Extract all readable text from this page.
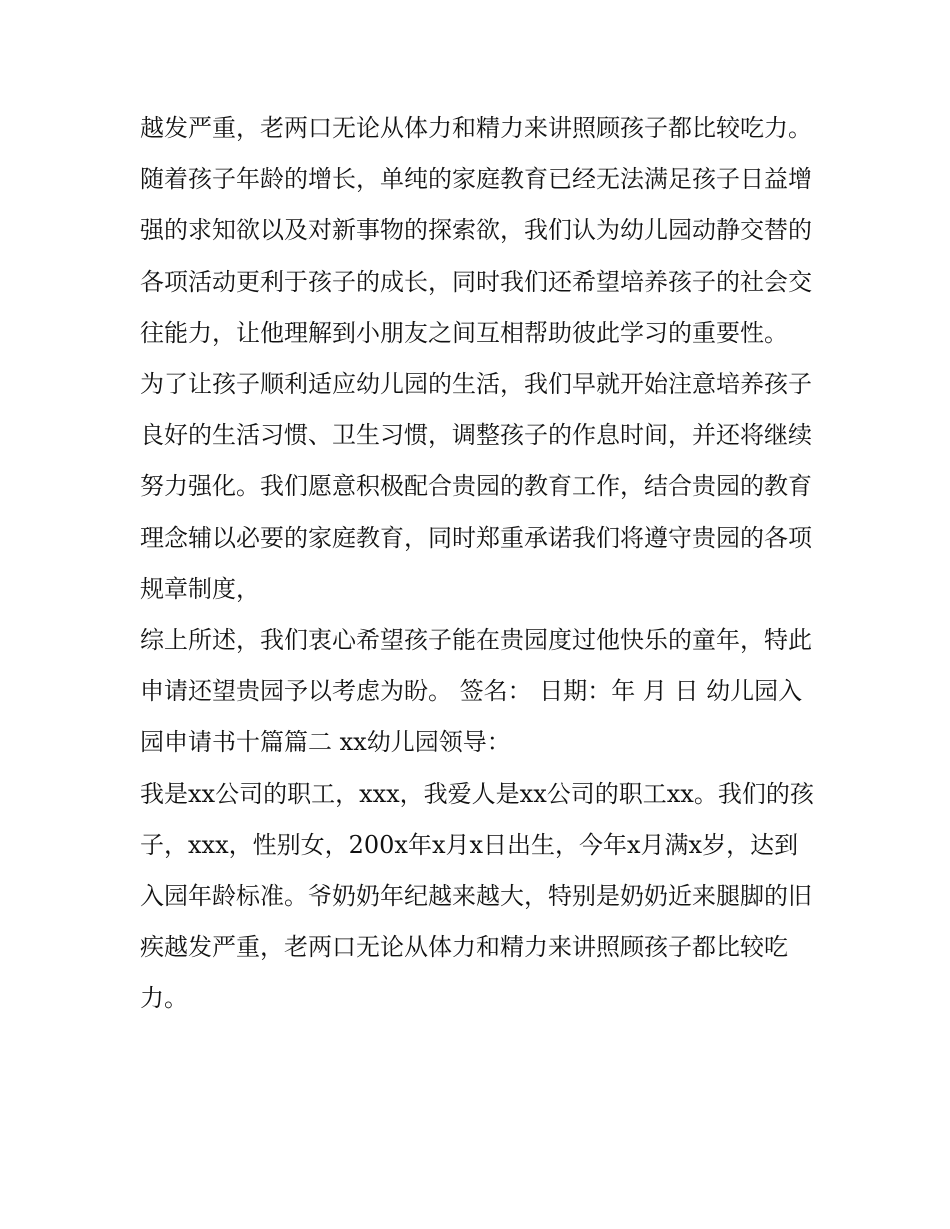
越发严重，老两口无论从体力和精力来讲照顾孩子都比较吃力。

随着孩子年龄的增长，单纯的家庭教育已经无法满足孩子日益增强的求知欲以及对新事物的探索欲，我们认为幼儿园动静交替的各项活动更利于孩子的成长，同时我们还希望培养孩子的社会交往能力，让他理解到小朋友之间互相帮助彼此学习的重要性。

为了让孩子顺利适应幼儿园的生活，我们早就开始注意培养孩子良好的生活习惯、卫生习惯，调整孩子的作息时间，并还将继续努力强化。我们愿意积极配合贵园的教育工作，结合贵园的教育理念辅以必要的家庭教育，同时郑重承诺我们将遵守贵园的各项规章制度，

综上所述，我们衷心希望孩子能在贵园度过他快乐的童年，特此申请还望贵园予以考虑为盼。 签名： 日期：年 月 日 幼儿园入园申请书十篇篇二 xx幼儿园领导：

我是xx公司的职工，xxx，我爱人是xx公司的职工xx。我们的孩子，xxx，性别女，200x年x月x日出生，今年x月满x岁，达到入园年龄标准。爷奶奶年纪越来越大，特别是奶奶近来腿脚的旧疾越发严重，老两口无论从体力和精力来讲照顾孩子都比较吃力。
